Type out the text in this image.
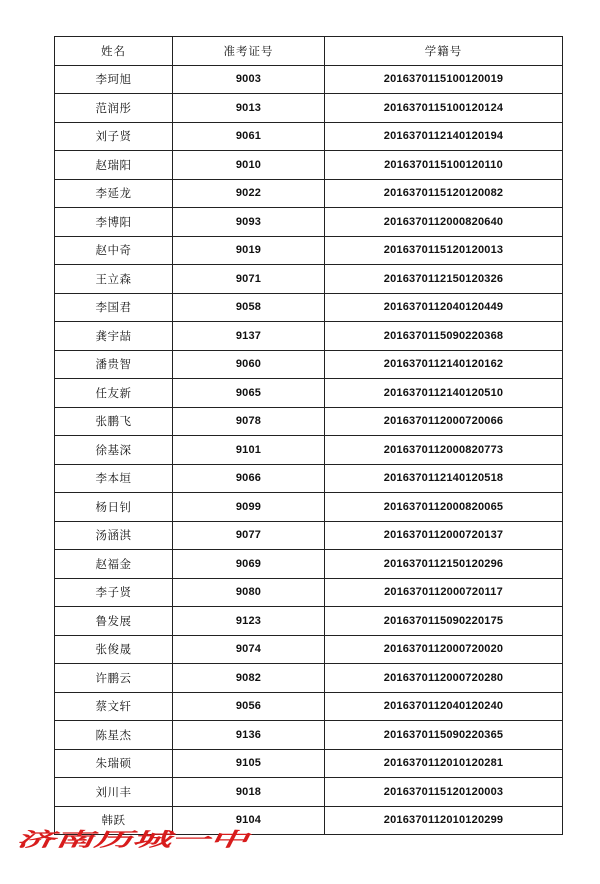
姓名	准考证号	学籍号
李珂旭	9003	2016370115100120019
范润彤	9013	2016370115100120124
刘子贤	9061	2016370112140120194
赵瑞阳	9010	2016370115100120110
李延龙	9022	2016370115120120082
李博阳	9093	2016370112000820640
赵中奇	9019	2016370115120120013
王立森	9071	2016370112150120326
李国君	9058	2016370112040120449
龚宇喆	9137	2016370115090220368
潘贵智	9060	2016370112140120162
任友新	9065	2016370112140120510
张鹏飞	9078	2016370112000720066
徐基深	9101	2016370112000820773
李本垣	9066	2016370112140120518
杨日钊	9099	2016370112000820065
汤涵淇	9077	2016370112000720137
赵福金	9069	2016370112150120296
李子贤	9080	2016370112000720117
鲁发展	9123	2016370115090220175
张俊晟	9074	2016370112000720020
许鹏云	9082	2016370112000720280
蔡文轩	9056	2016370112040120240
陈星杰	9136	2016370115090220365
朱瑞硕	9105	2016370112010120281
刘川丰	9018	2016370115120120003
韩跃	9104	2016370112010120299
济南历城一中
